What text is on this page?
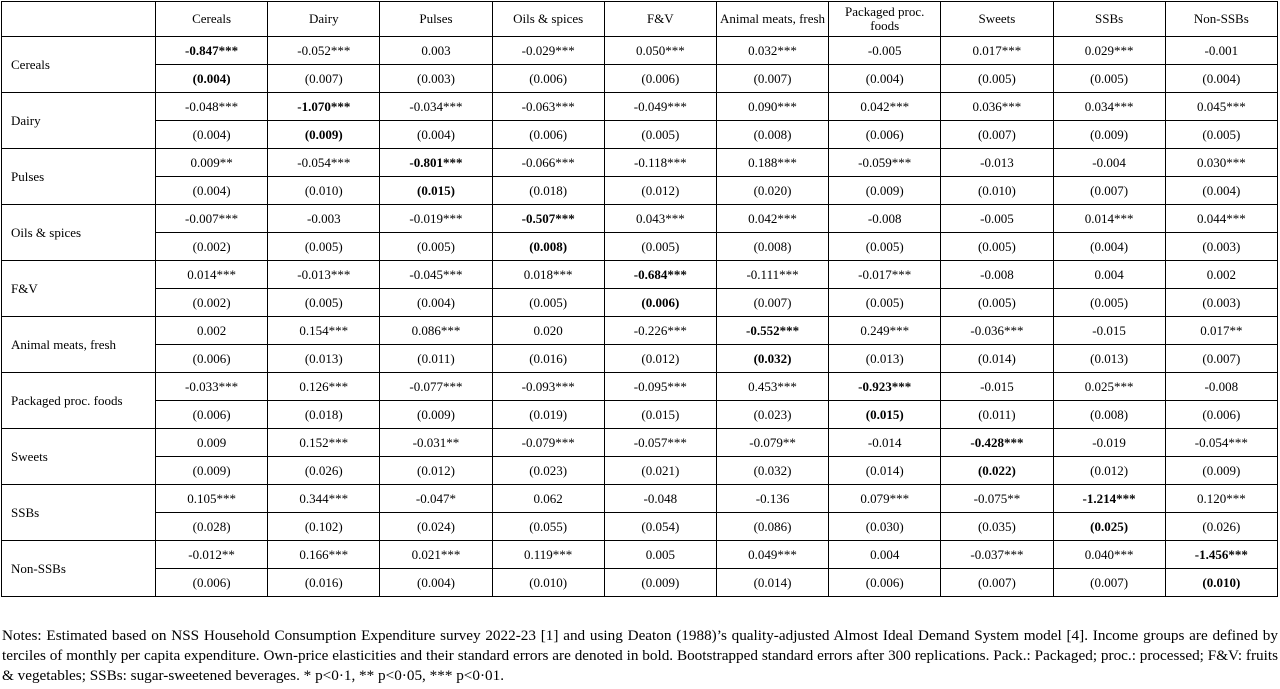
	Cereals	Dairy	Pulses	Oils & spices	F&V	Animal meats, fresh	Packaged proc. foods	Sweets	SSBs	Non-SSBs
Cereals	-0.847***	-0.052***	0.003	-0.029***	0.050***	0.032***	-0.005	0.017***	0.029***	-0.001
	(0.004)	(0.007)	(0.003)	(0.006)	(0.006)	(0.007)	(0.004)	(0.005)	(0.005)	(0.004)
Dairy	-0.048***	-1.070***	-0.034***	-0.063***	-0.049***	0.090***	0.042***	0.036***	0.034***	0.045***
	(0.004)	(0.009)	(0.004)	(0.006)	(0.005)	(0.008)	(0.006)	(0.007)	(0.009)	(0.005)
Pulses	0.009**	-0.054***	-0.801***	-0.066***	-0.118***	0.188***	-0.059***	-0.013	-0.004	0.030***
	(0.004)	(0.010)	(0.015)	(0.018)	(0.012)	(0.020)	(0.009)	(0.010)	(0.007)	(0.004)
Oils & spices	-0.007***	-0.003	-0.019***	-0.507***	0.043***	0.042***	-0.008	-0.005	0.014***	0.044***
	(0.002)	(0.005)	(0.005)	(0.008)	(0.005)	(0.008)	(0.005)	(0.005)	(0.004)	(0.003)
F&V	0.014***	-0.013***	-0.045***	0.018***	-0.684***	-0.111***	-0.017***	-0.008	0.004	0.002
	(0.002)	(0.005)	(0.004)	(0.005)	(0.006)	(0.007)	(0.005)	(0.005)	(0.005)	(0.003)
Animal meats, fresh	0.002	0.154***	0.086***	0.020	-0.226***	-0.552***	0.249***	-0.036***	-0.015	0.017**
	(0.006)	(0.013)	(0.011)	(0.016)	(0.012)	(0.032)	(0.013)	(0.014)	(0.013)	(0.007)
Packaged proc. foods	-0.033***	0.126***	-0.077***	-0.093***	-0.095***	0.453***	-0.923***	-0.015	0.025***	-0.008
	(0.006)	(0.018)	(0.009)	(0.019)	(0.015)	(0.023)	(0.015)	(0.011)	(0.008)	(0.006)
Sweets	0.009	0.152***	-0.031**	-0.079***	-0.057***	-0.079**	-0.014	-0.428***	-0.019	-0.054***
	(0.009)	(0.026)	(0.012)	(0.023)	(0.021)	(0.032)	(0.014)	(0.022)	(0.012)	(0.009)
SSBs	0.105***	0.344***	-0.047*	0.062	-0.048	-0.136	0.079***	-0.075**	-1.214***	0.120***
	(0.028)	(0.102)	(0.024)	(0.055)	(0.054)	(0.086)	(0.030)	(0.035)	(0.025)	(0.026)
Non-SSBs	-0.012**	0.166***	0.021***	0.119***	0.005	0.049***	0.004	-0.037***	0.040***	-1.456***
	(0.006)	(0.016)	(0.004)	(0.010)	(0.009)	(0.014)	(0.006)	(0.007)	(0.007)	(0.010)
Notes: Estimated based on NSS Household Consumption Expenditure survey 2022-23 [1] and using Deaton (1988)’s quality-adjusted Almost Ideal Demand System model [4]. Income groups are defined by terciles of monthly per capita expenditure. Own-price elasticities and their standard errors are denoted in bold. Bootstrapped standard errors after 300 replications. Pack.: Packaged; proc.: processed; F&V: fruits & vegetables; SSBs: sugar-sweetened beverages. * p<0·1, ** p<0·05, *** p<0·01.
